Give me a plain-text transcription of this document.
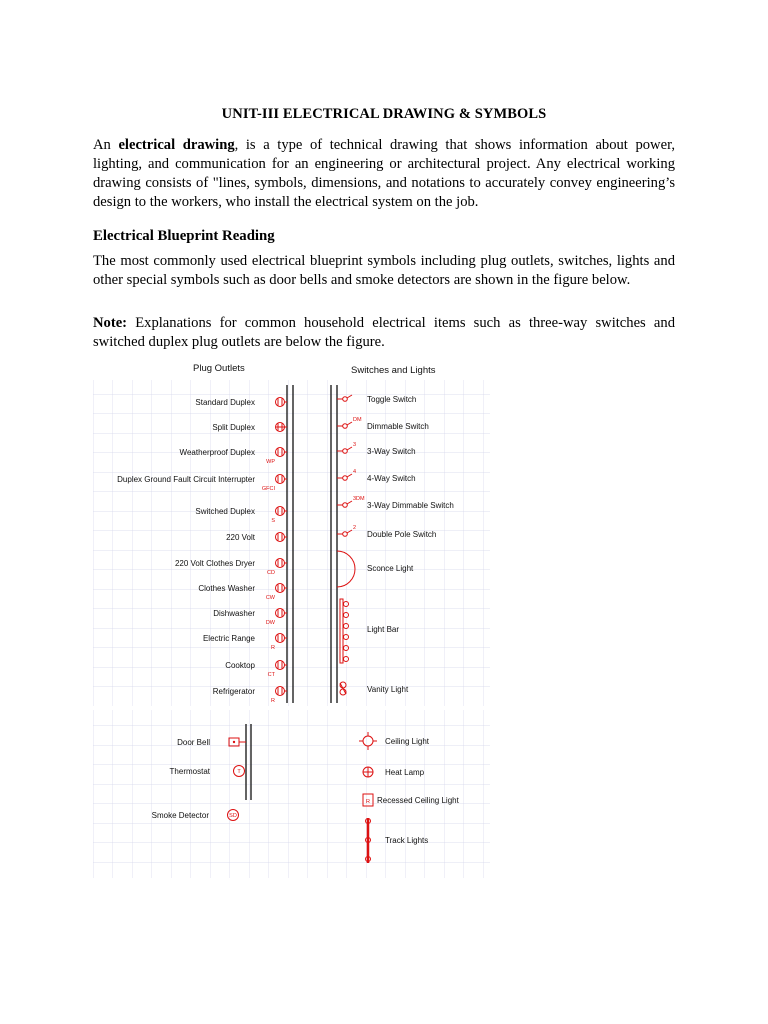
UNIT-III ELECTRICAL DRAWING & SYMBOLS
An electrical drawing, is a type of technical drawing that shows information about power, lighting, and communication for an engineering or architectural project. Any electrical working drawing consists of "lines, symbols, dimensions, and notations to accurately convey engineering’s design to the workers, who install the electrical system on the job.
Electrical Blueprint Reading
The most commonly used electrical blueprint symbols including plug outlets, switches, lights and other special symbols such as door bells and smoke detectors are shown in the figure below.
Note: Explanations for common household electrical items such as three-way switches and switched duplex plug outlets are below the figure.
Plug Outlets	Switches and Lights
Standard Duplex
Split Duplex
Weatherproof Duplex
WP
Duplex Ground Fault Circuit Interrupter
GFCI
Switched Duplex
S
220 Volt
220 Volt Clothes Dryer
CD
Clothes Washer
CW
Dishwasher
DW
Electric Range
R
Cooktop
CT
Refrigerator
R
Toggle Switch
Dimmable Switch
DM
3-Way Switch
3
4-Way Switch
4
3-Way Dimmable Switch
3DM
Double Pole Switch
2
Sconce Light
Light Bar
Vanity Light
Door Bell
Thermostat	T
Smoke Detector	SD
Ceiling Light
Heat Lamp
Recessed Ceiling Light
R
Track Lights
